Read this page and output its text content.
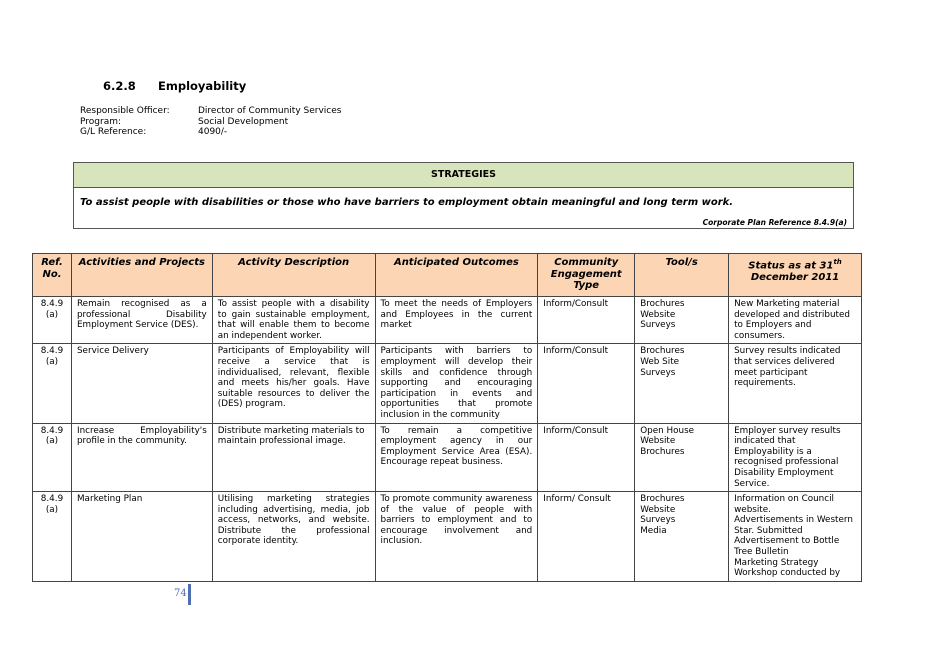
6.2.8 Employability
Responsible Officer:	Director of Community Services
Program:	Social Development
G/L Reference:	4090/-
STRATEGIES
To assist people with disabilities or those who have barriers to employment obtain meaningful and long term work.
Corporate Plan Reference 8.4.9(a)
Ref. No.	Activities and Projects	Activity Description	Anticipated Outcomes	Community Engagement Type	Tool/s	Status as at 31th December 2011

8.4.9
(a)	Remain recognised as a professional Disability Employment Service (DES).	To assist people with a disability to gain sustainable employment, that will enable them to become an independent worker.	To meet the needs of Employers and Employees in the current market	Inform/Consult	Brochures
Website
Surveys	New Marketing material developed and distributed to Employers and consumers.

8.4.9
(a)	Service Delivery	Participants of Employability will receive a service that is individualised, relevant, flexible and meets his/her goals. Have suitable resources to deliver the (DES) program.	Participants with barriers to employment will develop their skills and confidence through supporting and encouraging participation in events and opportunities that promote inclusion in the community	Inform/Consult	Brochures
Web Site
Surveys	Survey results indicated that services delivered meet participant requirements.

8.4.9
(a)	Increase Employability's profile in the community.	Distribute marketing materials to maintain professional image.	To remain a competitive employment agency in our Employment Service Area (ESA). Encourage repeat business.	Inform/Consult	Open House
Website
Brochures	Employer survey results indicated that Employability is a recognised professional Disability Employment Service.

8.4.9
(a)	Marketing Plan	Utilising marketing strategies including advertising, media, job access, networks, and website. Distribute the professional corporate identity.	To promote community awareness of the value of people with barriers to employment and to encourage involvement and inclusion.	Inform/ Consult	Brochures
Website
Surveys
Media	Information on Council website.
Advertisements in Western Star. Submitted Advertisement to Bottle Tree Bulletin
Marketing Strategy Workshop conducted by
74
